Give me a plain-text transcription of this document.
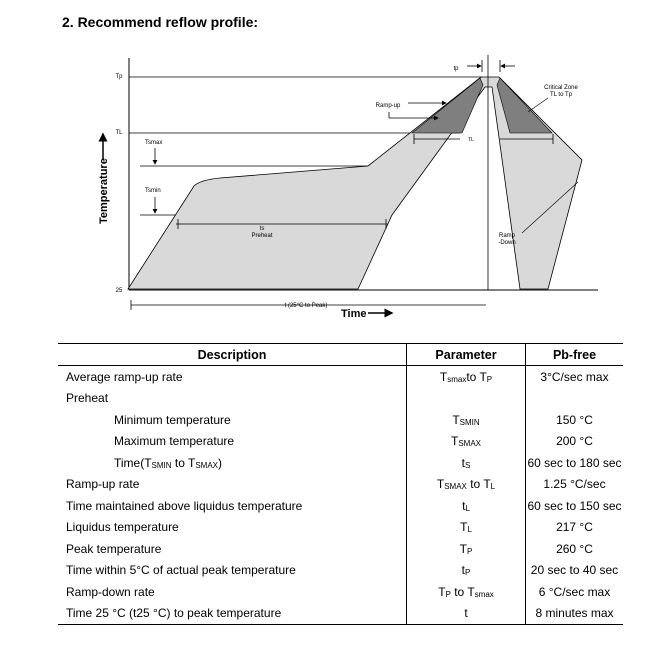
2. Recommend reflow profile:
Temperature
Tp
TL
25
tp
Tsmax
Tsmin
ts
Preheat
Ramp-up
TL
Critical Zone
TL to Tp
Ramp
-Down
t (25°C to Peak)
Time
Description	Parameter	Pb-free
Average ramp-up rate	$T_{smax}to$ $T_P$	3°C/sec max
Preheat		
Minimum temperature	$T_{SMIN}$	150 °C
Maximum temperature	$T_{SMAX}$	200 °C
$Time(T_{SMIN}$ to $T_{SMAX}$)	$t_S$	60 sec to 180 sec
Ramp-up rate	$T_{SMAX}$ to $T_L$	1.25 °C/sec
Time maintained above liquidus temperature	$t_L$	60 sec to 150 sec
Liquidus temperature	$T_L$	217 °C
Peak temperature	$T_P$	260 °C
Time within 5°C of actual peak temperature	$t_P$	20 sec to 40 sec
Ramp-down rate	$T_P$ to $T_{smax}$	6 °C/sec max
Time 25 °C (t25 °C) to peak temperature	t	8 minutes max
